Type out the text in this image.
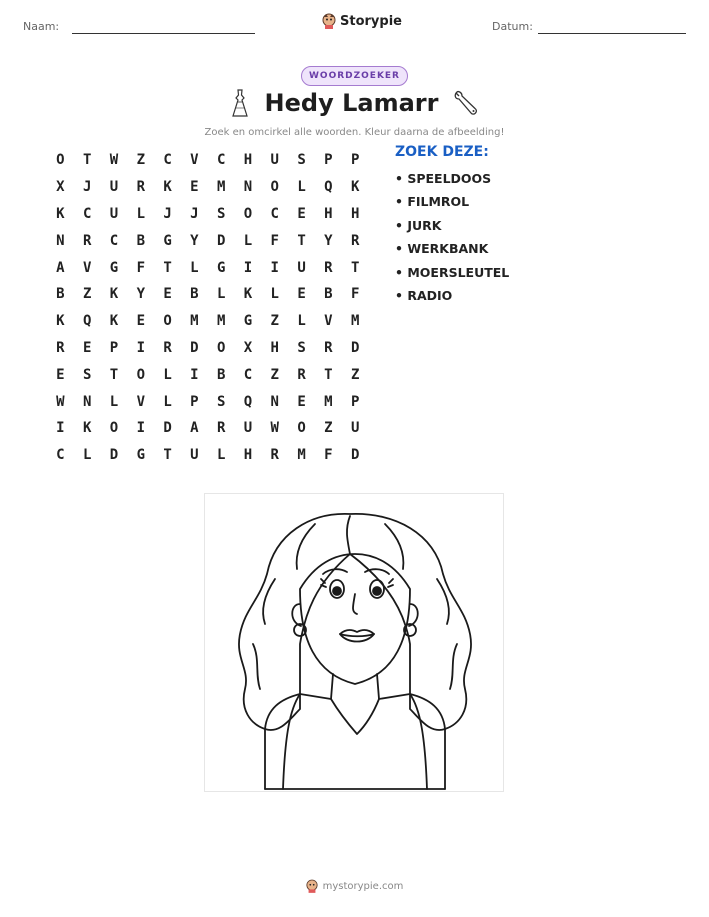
Naam:	Storypie	Datum:
WOORDZOEKER
Hedy Lamarr
Zoek en omcirkel alle woorden. Kleur daarna de afbeelding!
O	T	W	Z	C	V	C	H	U	S	P	P
X	J	U	R	K	E	M	N	O	L	Q	K
K	C	U	L	J	J	S	O	C	E	H	H
N	R	C	B	G	Y	D	L	F	T	Y	R
A	V	G	F	T	L	G	I	I	U	R	T
B	Z	K	Y	E	B	L	K	L	E	B	F
K	Q	K	E	O	M	M	G	Z	L	V	M
R	E	P	I	R	D	O	X	H	S	R	D
E	S	T	O	L	I	B	C	Z	R	T	Z
W	N	L	V	L	P	S	Q	N	E	M	P
I	K	O	I	D	A	R	U	W	O	Z	U
C	L	D	G	T	U	L	H	R	M	F	D
ZOEK DEZE:
• SPEELDOOS
• FILMROL
• JURK
• WERKBANK
• MOERSLEUTEL
• RADIO
mystorypie.com
